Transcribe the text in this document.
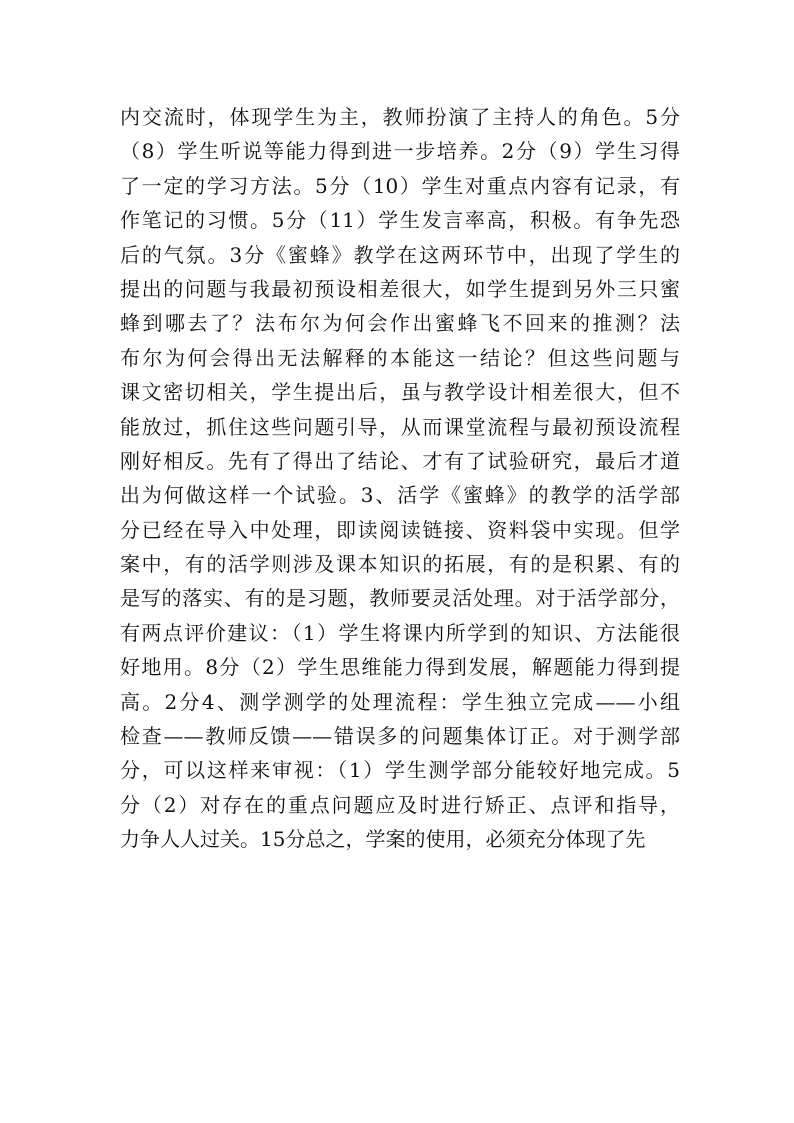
内交流时，体现学生为主，教师扮演了主持人的角色。5分
（8）学生听说等能力得到进一步培养。2分（9）学生习得
了一定的学习方法。5分（10）学生对重点内容有记录，有
作笔记的习惯。5分（11）学生发言率高，积极。有争先恐
后的气氛。3分《蜜蜂》教学在这两环节中，出现了学生的
提出的问题与我最初预设相差很大，如学生提到另外三只蜜
蜂到哪去了？法布尔为何会作出蜜蜂飞不回来的推测？法
布尔为何会得出无法解释的本能这一结论？但这些问题与
课文密切相关，学生提出后，虽与教学设计相差很大，但不
能放过，抓住这些问题引导，从而课堂流程与最初预设流程
刚好相反。先有了得出了结论、才有了试验研究，最后才道
出为何做这样一个试验。3、活学《蜜蜂》的教学的活学部
分已经在导入中处理，即读阅读链接、资料袋中实现。但学
案中，有的活学则涉及课本知识的拓展，有的是积累、有的
是写的落实、有的是习题，教师要灵活处理。对于活学部分，
有两点评价建议：（1）学生将课内所学到的知识、方法能很
好地用。8分（2）学生思维能力得到发展，解题能力得到提
高。2分4、测学测学的处理流程：学生独立完成——小组
检查——教师反馈——错误多的问题集体订正。对于测学部
分，可以这样来审视：（1）学生测学部分能较好地完成。5
分（2）对存在的重点问题应及时进行矫正、点评和指导，
力争人人过关。15分总之，学案的使用，必须充分体现了先
